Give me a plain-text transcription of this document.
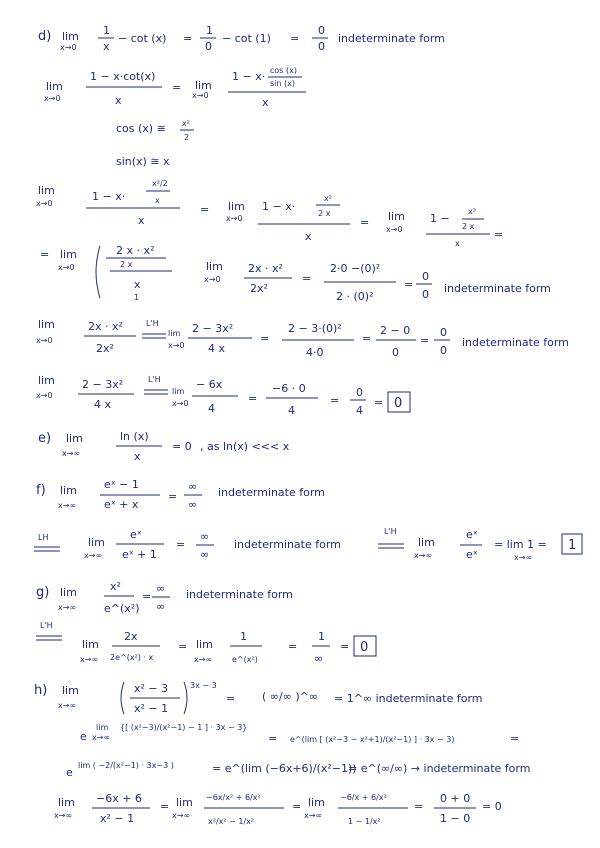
d) lim
x→0
1
x
− cot (x) =
1
0
− cot (1) =
0
0
indeterminate form
lim
x→0
1 − x·cot(x)
x
= lim
x→0
1 − x· cos (x)
sin (x)
x
cos (x) ≅ x²
2
sin(x) ≅ x
lim
x→0
1 − x·
x²/2
x
x
= lim
x→0
1 − x·
x²
2 x
x
= lim
x→0
1 −
x³
2 x
x
=
= lim
x→0
2 x · x²
2 x
x
1
lim
x→0
2x · x²
2x²
=
2·0 −(0)²
2 · (0)²
=
0
0 indeterminate form
lim
x→0
2x · x²
2x²
L'H
lim
x→0
2 − 3x²
4 x
=
2 − 3·(0)²
4·0
=
2 − 0
0
=
0
0
indeterminate form
lim
x→0
2 − 3x²
4 x
L'H
lim
x→0
− 6x
4
=
−6 · 0
4
=
0
4
= 0
e) lim
x→∞
ln (x)
x
= 0 , as ln(x) <<< x
f) lim
x→∞
eˣ − 1
eˣ + x
=
∞
∞
indeterminate form
LH	lim
x→∞
eˣ
eˣ + 1
=
∞
∞
indeterminate form
L'H
lim
x→∞
eˣ
eˣ
= lim 1 = 1
x→∞
g) lim
x→∞
x²
e^(x²)
=
∞
∞
indeterminate form
L'H
lim
x→∞
2x
2e^(x²) · x
= lim
x→∞
1
e^(x²)
=
1
∞
= 0
h) lim
x→∞
x² − 3
x² − 1
3x − 3
= ( ∞/∞ )^∞ = 1^∞ indeterminate form
e
lim
x→∞
{[ (x²−3)/(x²−1) − 1 ] · 3x − 3}
= e^(lim [ (x²−3 − x²+1)/(x²−1) ] · 3x − 3)	=
e
lim ( −2/(x²−1) · 3x−3 )	= e^(lim (−6x+6)/(x²−1))
= e^(∞/∞) → indeterminate form
lim
x→∞
−6x + 6
x² − 1
= lim
x→∞
−6x/x² + 6/x²
x²/x² − 1/x²
= lim
x→∞
−6/x + 6/x²
1 − 1/x²
=
0 + 0
1 − 0
= 0
